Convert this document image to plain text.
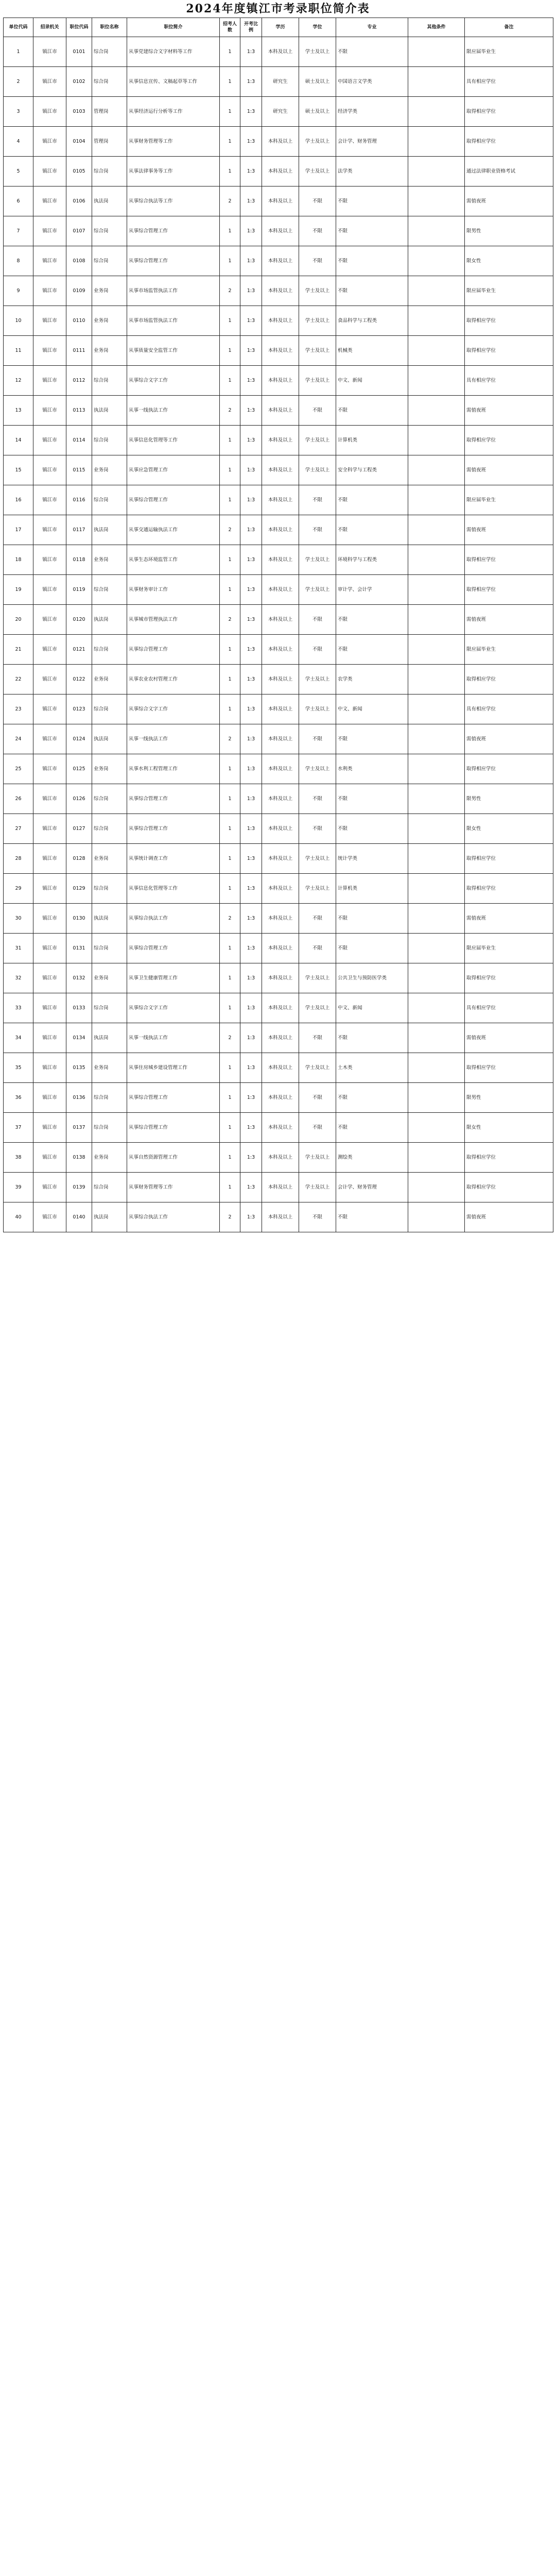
2024年度镇江市考录职位简介表
单位代码	招录机关	职位代码	职位名称	职位简介	招考人数	开考比例	学历	学位	专业	其他条件	备注
1	镇江市	0101	综合岗	从事党建综合文字材料等工作	1	1:3	本科及以上	学士及以上	不限		限应届毕业生

2	镇江市	0102	综合岗	从事信息宣传、文稿起草等工作	1	1:3	研究生	硕士及以上	中国语言文学类		具有相应学位

3	镇江市	0103	管理岗	从事经济运行分析等工作	1	1:3	研究生	硕士及以上	经济学类		取得相应学位

4	镇江市	0104	管理岗	从事财务管理等工作	1	1:3	本科及以上	学士及以上	会计学、财务管理		取得相应学位

5	镇江市	0105	综合岗	从事法律事务等工作	1	1:3	本科及以上	学士及以上	法学类		通过法律职业资格考试

6	镇江市	0106	执法岗	从事综合执法等工作	2	1:3	本科及以上	不限	不限		需值夜班

7	镇江市	0107	综合岗	从事综合管理工作	1	1:3	本科及以上	不限	不限		限男性

8	镇江市	0108	综合岗	从事综合管理工作	1	1:3	本科及以上	不限	不限		限女性

9	镇江市	0109	业务岗	从事市场监管执法工作	2	1:3	本科及以上	学士及以上	不限		限应届毕业生

10	镇江市	0110	业务岗	从事市场监管执法工作	1	1:3	本科及以上	学士及以上	食品科学与工程类		取得相应学位

11	镇江市	0111	业务岗	从事质量安全监管工作	1	1:3	本科及以上	学士及以上	机械类		取得相应学位

12	镇江市	0112	综合岗	从事综合文字工作	1	1:3	本科及以上	学士及以上	中文、新闻		具有相应学位

13	镇江市	0113	执法岗	从事一线执法工作	2	1:3	本科及以上	不限	不限		需值夜班

14	镇江市	0114	综合岗	从事信息化管理等工作	1	1:3	本科及以上	学士及以上	计算机类		取得相应学位

15	镇江市	0115	业务岗	从事应急管理工作	1	1:3	本科及以上	学士及以上	安全科学与工程类		需值夜班

16	镇江市	0116	综合岗	从事综合管理工作	1	1:3	本科及以上	不限	不限		限应届毕业生

17	镇江市	0117	执法岗	从事交通运输执法工作	2	1:3	本科及以上	不限	不限		需值夜班

18	镇江市	0118	业务岗	从事生态环境监管工作	1	1:3	本科及以上	学士及以上	环境科学与工程类		取得相应学位

19	镇江市	0119	综合岗	从事财务审计工作	1	1:3	本科及以上	学士及以上	审计学、会计学		取得相应学位

20	镇江市	0120	执法岗	从事城市管理执法工作	2	1:3	本科及以上	不限	不限		需值夜班

21	镇江市	0121	综合岗	从事综合管理工作	1	1:3	本科及以上	不限	不限		限应届毕业生

22	镇江市	0122	业务岗	从事农业农村管理工作	1	1:3	本科及以上	学士及以上	农学类		取得相应学位

23	镇江市	0123	综合岗	从事综合文字工作	1	1:3	本科及以上	学士及以上	中文、新闻		具有相应学位

24	镇江市	0124	执法岗	从事一线执法工作	2	1:3	本科及以上	不限	不限		需值夜班

25	镇江市	0125	业务岗	从事水利工程管理工作	1	1:3	本科及以上	学士及以上	水利类		取得相应学位

26	镇江市	0126	综合岗	从事综合管理工作	1	1:3	本科及以上	不限	不限		限男性

27	镇江市	0127	综合岗	从事综合管理工作	1	1:3	本科及以上	不限	不限		限女性

28	镇江市	0128	业务岗	从事统计调查工作	1	1:3	本科及以上	学士及以上	统计学类		取得相应学位

29	镇江市	0129	综合岗	从事信息化管理等工作	1	1:3	本科及以上	学士及以上	计算机类		取得相应学位

30	镇江市	0130	执法岗	从事综合执法工作	2	1:3	本科及以上	不限	不限		需值夜班

31	镇江市	0131	综合岗	从事综合管理工作	1	1:3	本科及以上	不限	不限		限应届毕业生

32	镇江市	0132	业务岗	从事卫生健康管理工作	1	1:3	本科及以上	学士及以上	公共卫生与预防医学类		取得相应学位

33	镇江市	0133	综合岗	从事综合文字工作	1	1:3	本科及以上	学士及以上	中文、新闻		具有相应学位

34	镇江市	0134	执法岗	从事一线执法工作	2	1:3	本科及以上	不限	不限		需值夜班

35	镇江市	0135	业务岗	从事住房城乡建设管理工作	1	1:3	本科及以上	学士及以上	土木类		取得相应学位

36	镇江市	0136	综合岗	从事综合管理工作	1	1:3	本科及以上	不限	不限		限男性

37	镇江市	0137	综合岗	从事综合管理工作	1	1:3	本科及以上	不限	不限		限女性

38	镇江市	0138	业务岗	从事自然资源管理工作	1	1:3	本科及以上	学士及以上	测绘类		取得相应学位

39	镇江市	0139	综合岗	从事财务管理等工作	1	1:3	本科及以上	学士及以上	会计学、财务管理		取得相应学位

40	镇江市	0140	执法岗	从事综合执法工作	2	1:3	本科及以上	不限	不限		需值夜班
